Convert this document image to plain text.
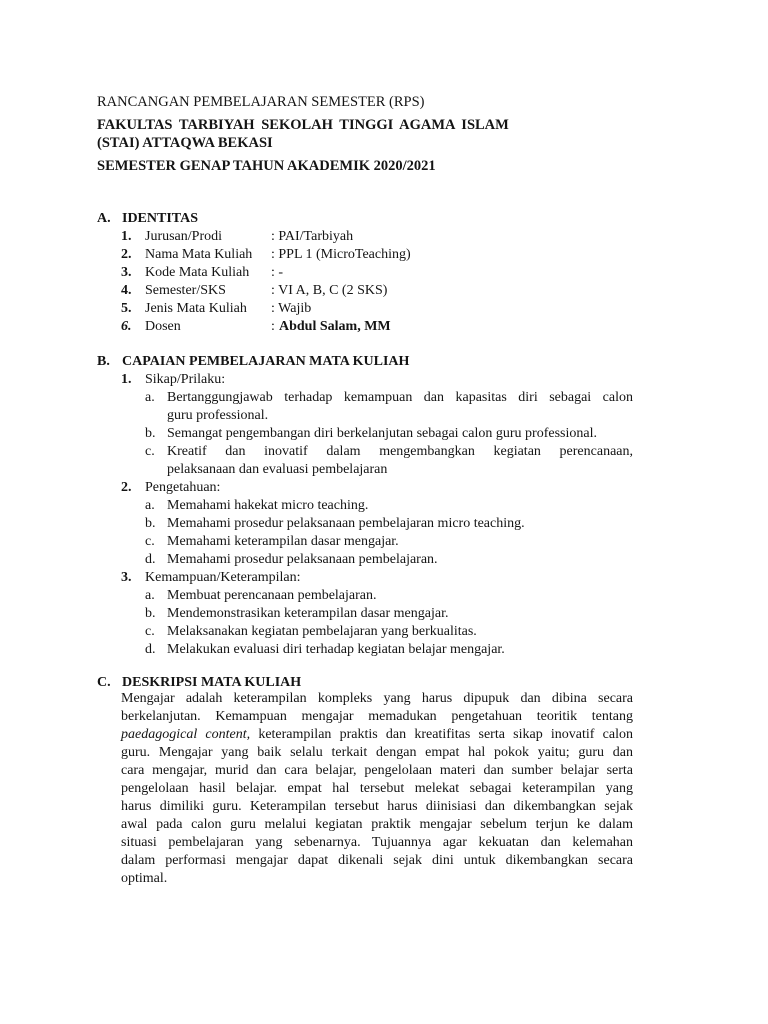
RANCANGAN PEMBELAJARAN SEMESTER (RPS)
FAKULTAS TARBIYAH SEKOLAH TINGGI AGAMA ISLAM
(STAI) ATTAQWA BEKASI
SEMESTER GENAP TAHUN AKADEMIK 2020/2021
A. IDENTITAS
1. Jurusan/Prodi	: PAI/Tarbiyah
2. Nama Mata Kuliah : PPL 1 (MicroTeaching)
3. Kode Mata Kuliah : -
4. Semester/SKS	: VI A, B, C (2 SKS)
5. Jenis Mata Kuliah : Wajib
6. Dosen	: Abdul Salam, MM
B. CAPAIAN PEMBELAJARAN MATA KULIAH
1. Sikap/Prilaku:
a. Bertanggungjawab terhadap kemampuan dan kapasitas diri sebagai calon
guru professional.
b. Semangat pengembangan diri berkelanjutan sebagai calon guru professional.
c. Kreatif dan inovatif dalam mengembangkan kegiatan perencanaan,
pelaksanaan dan evaluasi pembelajaran
2. Pengetahuan:
a. Memahami hakekat micro teaching.
b. Memahami prosedur pelaksanaan pembelajaran micro teaching.
c. Memahami keterampilan dasar mengajar.
d. Memahami prosedur pelaksanaan pembelajaran.
3. Kemampuan/Keterampilan:
a. Membuat perencanaan pembelajaran.
b. Mendemonstrasikan keterampilan dasar mengajar.
c. Melaksanakan kegiatan pembelajaran yang berkualitas.
d. Melakukan evaluasi diri terhadap kegiatan belajar mengajar.
C. DESKRIPSI MATA KULIAH
Mengajar adalah keterampilan kompleks yang harus dipupuk dan dibina secara
berkelanjutan. Kemampuan mengajar memadukan pengetahuan teoritik tentang
paedagogical content, keterampilan praktis dan kreatifitas serta sikap inovatif calon
guru. Mengajar yang baik selalu terkait dengan empat hal pokok yaitu; guru dan
cara mengajar, murid dan cara belajar, pengelolaan materi dan sumber belajar serta
pengelolaan hasil belajar. empat hal tersebut melekat sebagai keterampilan yang
harus dimiliki guru. Keterampilan tersebut harus diinisiasi dan dikembangkan sejak
awal pada calon guru melalui kegiatan praktik mengajar sebelum terjun ke dalam
situasi pembelajaran yang sebenarnya. Tujuannya agar kekuatan dan kelemahan
dalam performasi mengajar dapat dikenali sejak dini untuk dikembangkan secara
optimal.
